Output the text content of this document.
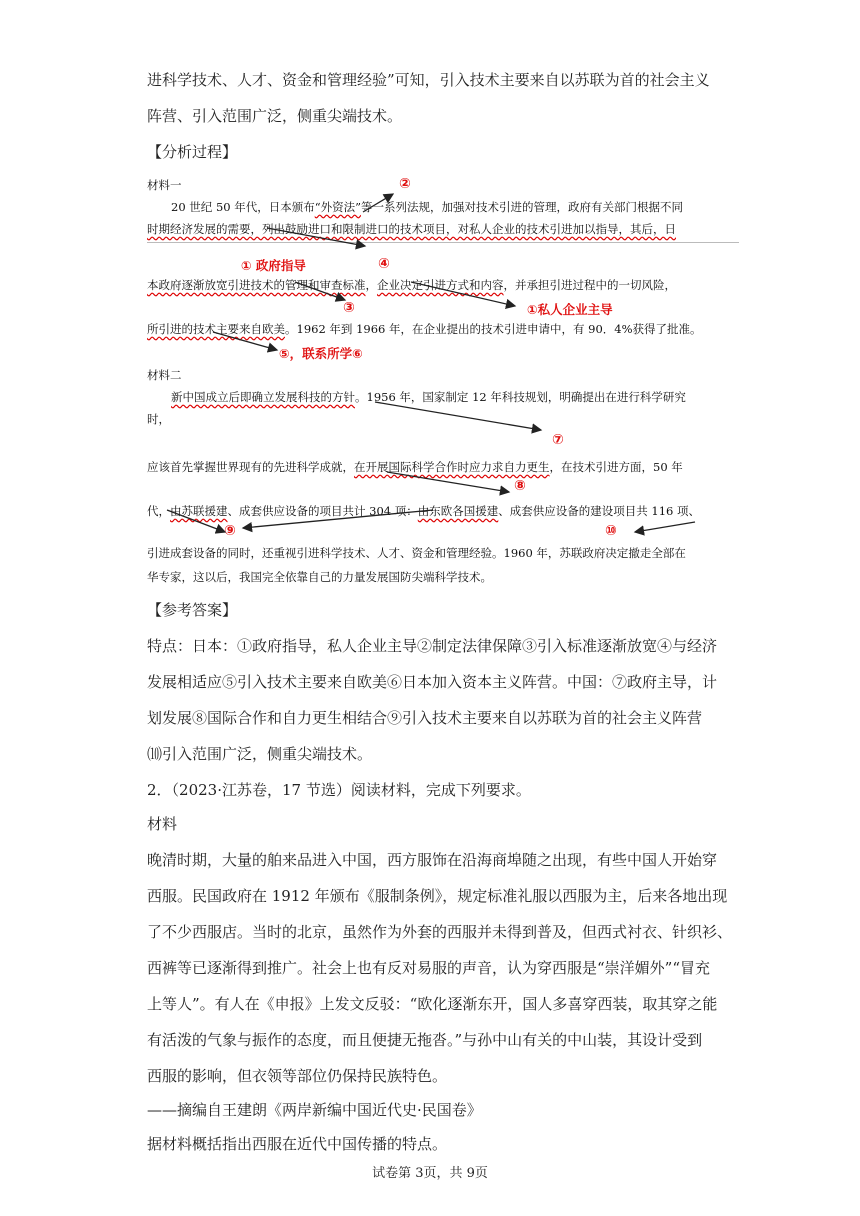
进科学技术、人才、资金和管理经验”可知，引入技术主要来自以苏联为首的社会主义
阵营、引入范围广泛，侧重尖端技术。
【分析过程】
材料一
20 世纪 50 年代，日本颁布“外资法”等一系列法规，加强对技术引进的管理，政府有关部门根据不同
时期经济发展的需要，列出鼓励进口和限制进口的技术项目，对私人企业的技术引进加以指导，其后，日
本政府逐渐放宽引进技术的管理和审查标准，企业决定引进方式和内容，并承担引进过程中的一切风险，
所引进的技术主要来自欧美。1962 年到 1966 年，在企业提出的技术引进申请中，有 90．4%获得了批准。
材料二
新中国成立后即确立发展科技的方针。1956 年，国家制定 12 年科技规划，明确提出在进行科学研究
时，
应该首先掌握世界现有的先进科学成就，在开展国际科学合作时应力求自力更生，在技术引进方面，50 年
代，由苏联援建、成套供应设备的项目共计 304 项：由东欧各国援建、成套供应设备的建设项目共 116 项、
引进成套设备的同时，还重视引进科学技术、人才、资金和管理经验。1960 年，苏联政府决定撤走全部在
华专家，这以后，我国完全依靠自己的力量发展国防尖端科学技术。
②
① 政府指导	④
③	①私人企业主导
⑤，联系所学⑥
⑦
⑧
⑨	⑩
【参考答案】
特点：日本：①政府指导，私人企业主导②制定法律保障③引入标准逐渐放宽④与经济
发展相适应⑤引入技术主要来自欧美⑥日本加入资本主义阵营。中国：⑦政府主导，计
划发展⑧国际合作和自力更生相结合⑨引入技术主要来自以苏联为首的社会主义阵营
⑽引入范围广泛，侧重尖端技术。
2．（2023·江苏卷，17 节选）阅读材料，完成下列要求。
材料
晚清时期，大量的舶来品进入中国，西方服饰在沿海商埠随之出现，有些中国人开始穿
西服。民国政府在 1912 年颁布《服制条例》，规定标准礼服以西服为主，后来各地出现
了不少西服店。当时的北京，虽然作为外套的西服并未得到普及，但西式衬衣、针织衫、
西裤等已逐渐得到推广。社会上也有反对易服的声音，认为穿西服是“崇洋媚外”“冒充
上等人”。有人在《申报》上发文反驳：“欧化逐渐东开，国人多喜穿西装，取其穿之能
有活泼的气象与振作的态度，而且便捷无拖沓。”与孙中山有关的中山装，其设计受到
西服的影响，但衣领等部位仍保持民族特色。
——摘编自王建朗《两岸新编中国近代史·民国卷》
据材料概括指出西服在近代中国传播的特点。
试卷第 3页，共 9页
